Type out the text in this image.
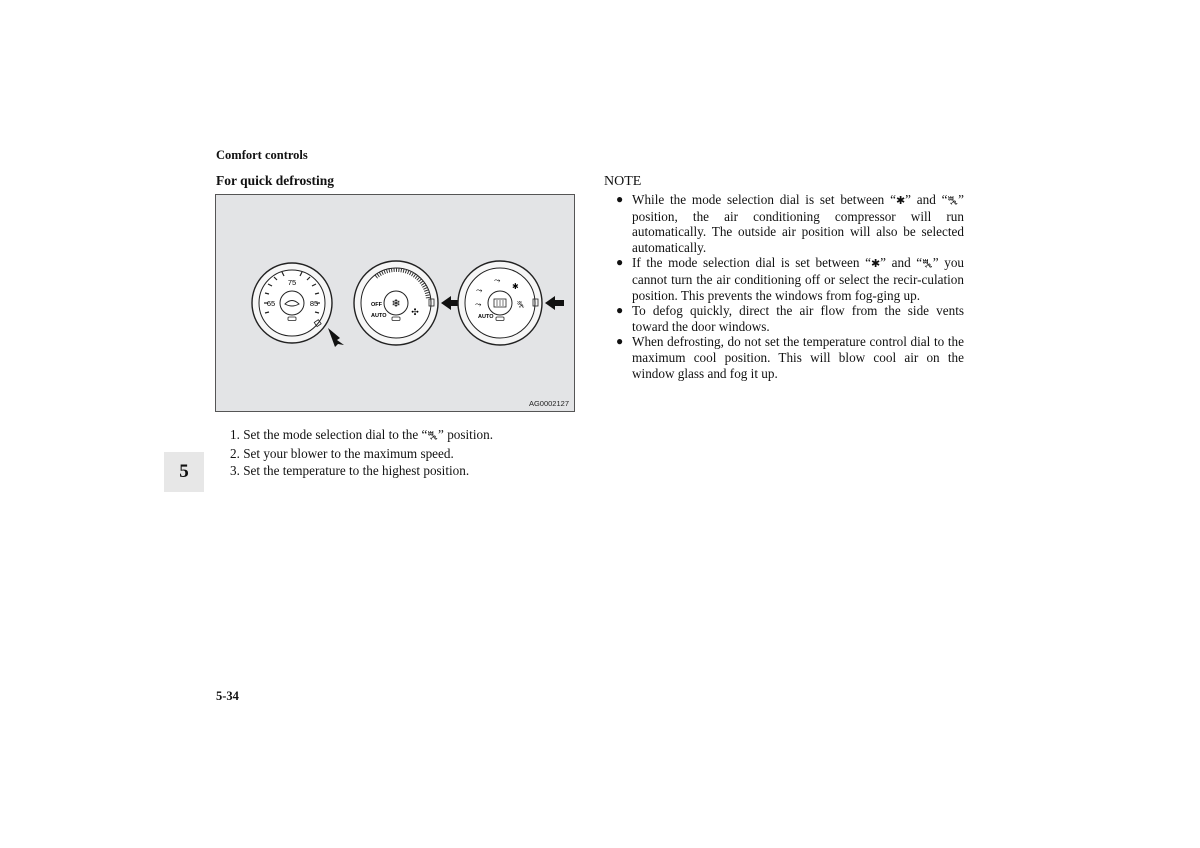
Comfort controls
For quick defrosting
75
65	85	OFF
AUTO
❄
✣
⤳
⤳
✱
⤳	ꔩ
AUTO
AG0002127
1. Set the mode selection dial to the “ꔩ” position.
2. Set your blower to the maximum speed.
3. Set the temperature to the highest position.
5
5-34
NOTE
● While the mode selection dial is set between “✱” and “ꔩ” position, the air conditioning compressor will run automatically. The outside air position will also be selected automatically.
● If the mode selection dial is set between “✱” and “ꔩ” you cannot turn the air conditioning off or select the recir-culation position. This prevents the windows from fog-ging up.
● To defog quickly, direct the air flow from the side vents toward the door windows.
● When defrosting, do not set the temperature control dial to the maximum cool position. This will blow cool air on the window glass and fog it up.
